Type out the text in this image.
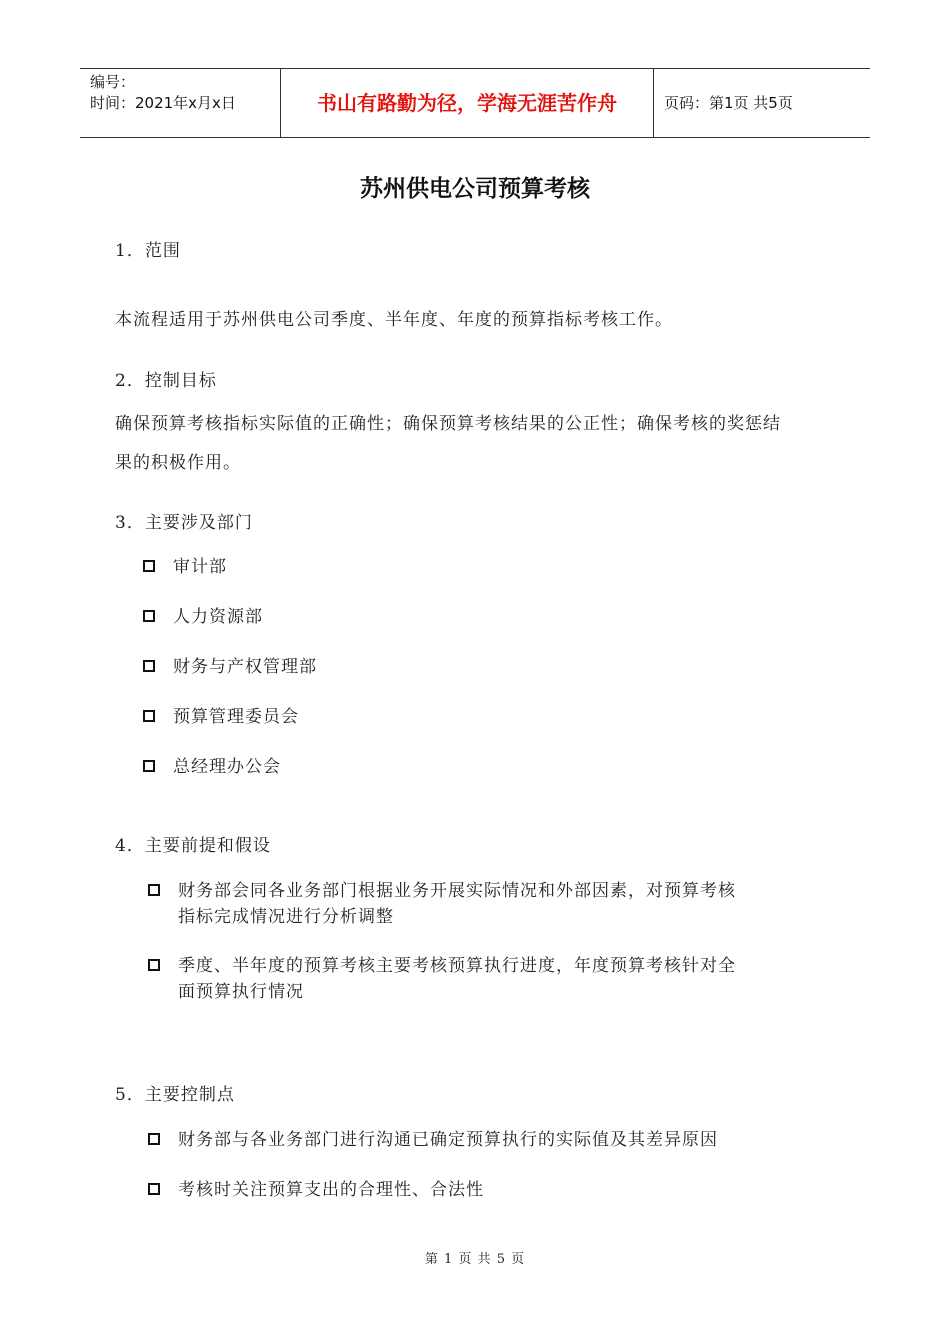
编号：
时间：2021年x月x日	书山有路勤为径，学海无涯苦作舟	页码：第1页 共5页
苏州供电公司预算考核
1．范围
本流程适用于苏州供电公司季度、半年度、年度的预算指标考核工作。
2．控制目标
确保预算考核指标实际值的正确性；确保预算考核结果的公正性；确保考核的奖惩结
果的积极作用。
3．主要涉及部门
审计部
人力资源部
财务与产权管理部
预算管理委员会
总经理办公会
4．主要前提和假设
财务部会同各业务部门根据业务开展实际情况和外部因素，对预算考核
指标完成情况进行分析调整
季度、半年度的预算考核主要考核预算执行进度，年度预算考核针对全
面预算执行情况
5．主要控制点
财务部与各业务部门进行沟通已确定预算执行的实际值及其差异原因
考核时关注预算支出的合理性、合法性
第 1 页 共 5 页
